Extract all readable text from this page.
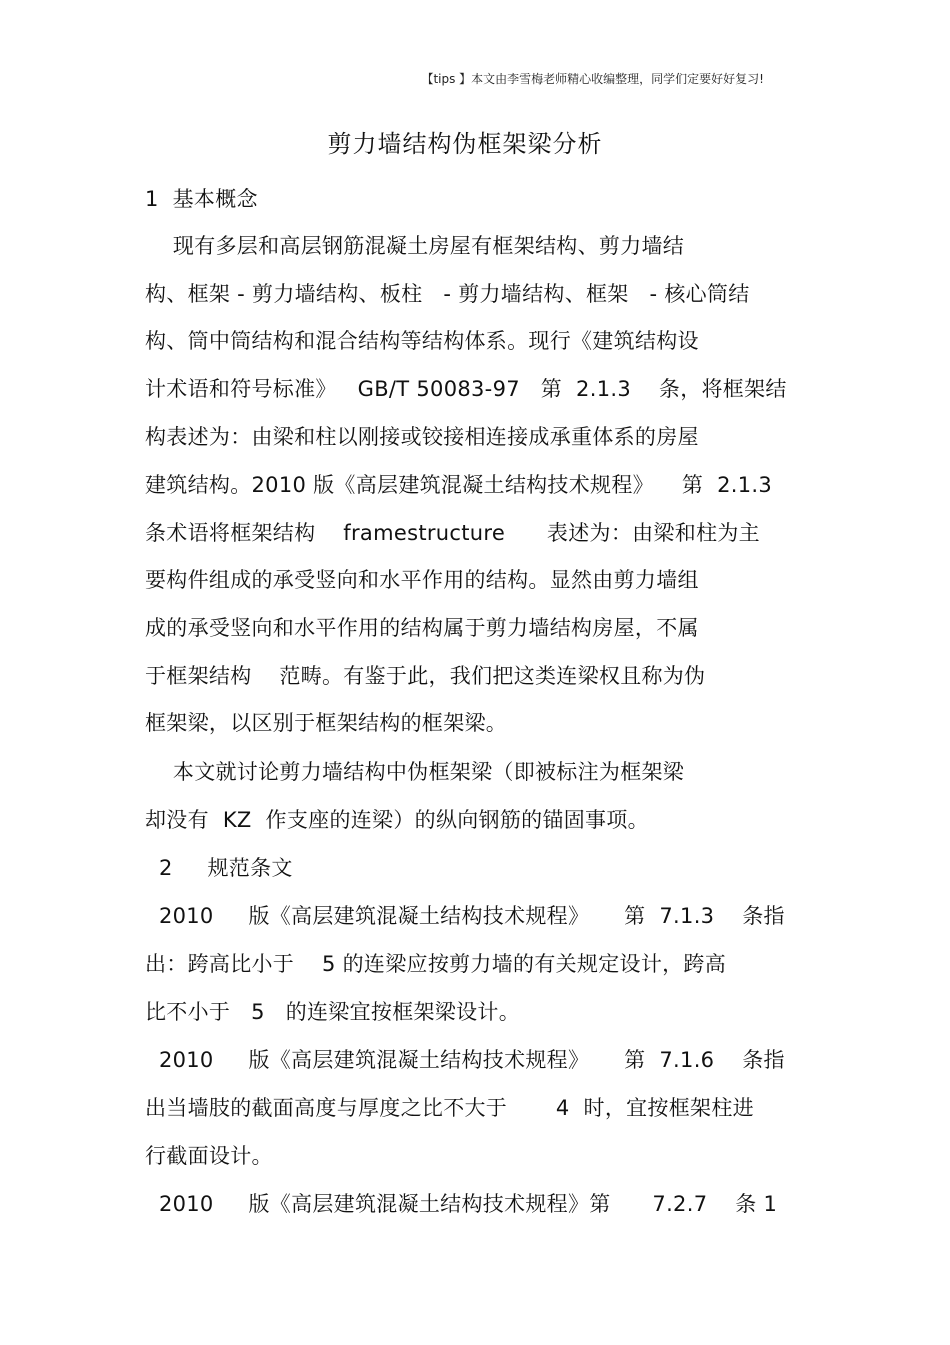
【tips 】本文由李雪梅老师精心收编整理，同学们定要好好复习!
剪力墙结构伪框架梁分析
1  基本概念
现有多层和高层钢筋混凝土房屋有框架结构、剪力墙结
构、框架 - 剪力墙结构、板柱   - 剪力墙结构、框架   - 核心筒结
构、筒中筒结构和混合结构等结构体系。现行《建筑结构设
计术语和符号标准》   GB/T 50083-97   第  2.1.3    条，将框架结
构表述为：由梁和柱以刚接或铰接相连接成承重体系的房屋
建筑结构。2010 版《高层建筑混凝土结构技术规程》    第  2.1.3
条术语将框架结构    framestructure      表述为：由梁和柱为主
要构件组成的承受竖向和水平作用的结构。显然由剪力墙组
成的承受竖向和水平作用的结构属于剪力墙结构房屋，不属
于框架结构    范畴。有鉴于此，我们把这类连梁权且称为伪
框架梁，以区别于框架结构的框架梁。
本文就讨论剪力墙结构中伪框架梁（即被标注为框架梁
却没有  KZ  作支座的连梁）的纵向钢筋的锚固事项。
2     规范条文
2010     版《高层建筑混凝土结构技术规程》     第  7.1.3    条指
出：跨高比小于    5 的连梁应按剪力墙的有关规定设计，跨高
比不小于   5   的连梁宜按框架梁设计。
2010     版《高层建筑混凝土结构技术规程》     第  7.1.6    条指
出当墙肢的截面高度与厚度之比不大于       4  时，宜按框架柱进
行截面设计。
2010     版《高层建筑混凝土结构技术规程》第      7.2.7    条 1
